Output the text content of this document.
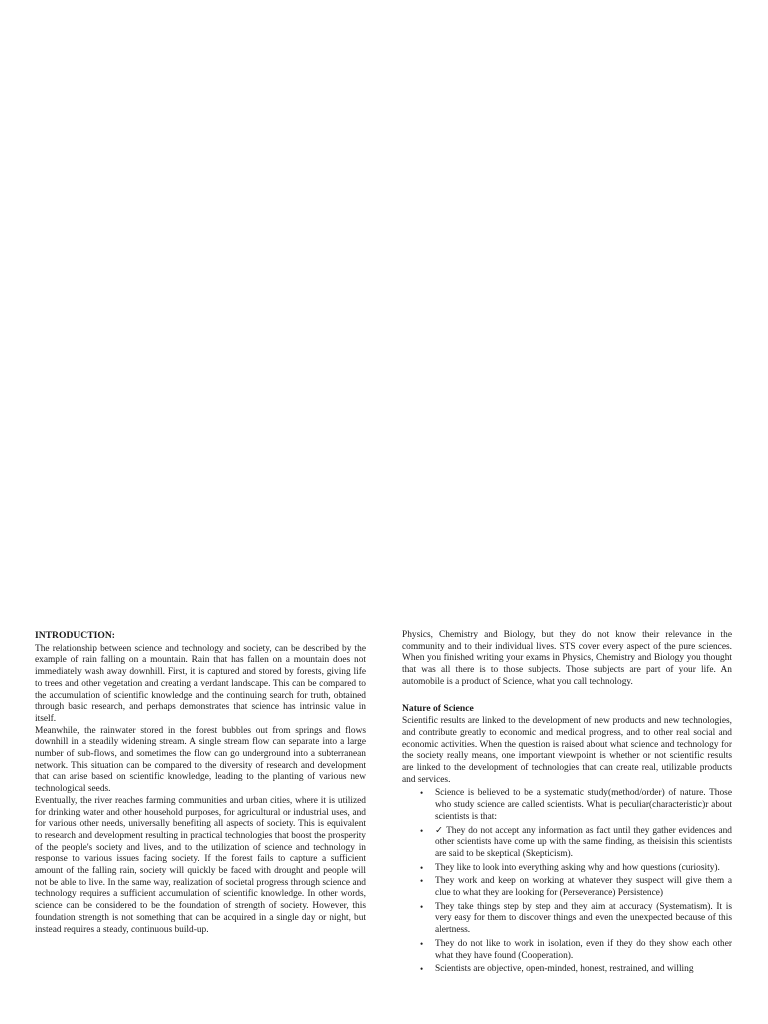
INTRODUCTION:

The relationship between science and technology and society, can be described by the example of rain falling on a mountain. Rain that has fallen on a mountain does not immediately wash away downhill. First, it is captured and stored by forests, giving life to trees and other vegetation and creating a verdant landscape. This can be compared to the accumulation of scientific knowledge and the continuing search for truth, obtained through basic research, and perhaps demonstrates that science has intrinsic value in itself.

Meanwhile, the rainwater stored in the forest bubbles out from springs and flows downhill in a steadily widening stream. A single stream flow can separate into a large number of sub-flows, and sometimes the flow can go underground into a subterranean network. This situation can be compared to the diversity of research and development that can arise based on scientific knowledge, leading to the planting of various new technological seeds.

Eventually, the river reaches farming communities and urban cities, where it is utilized for drinking water and other household purposes, for agricultural or industrial uses, and for various other needs, universally benefiting all aspects of society. This is equivalent to research and development resulting in practical technologies that boost the prosperity of the people's society and lives, and to the utilization of science and technology in response to various issues facing society. If the forest fails to capture a sufficient amount of the falling rain, society will quickly be faced with drought and people will not be able to live. In the same way, realization of societal progress through science and technology requires a sufficient accumulation of scientific knowledge. In other words, science can be considered to be the foundation of strength of society. However, this foundation strength is not something that can be acquired in a single day or night, but instead requires a steady, continuous build-up.

Physics, Chemistry and Biology, but they do not know their relevance in the community and to their individual lives. STS cover every aspect of the pure sciences. When you finished writing your exams in Physics, Chemistry and Biology you thought that was all there is to those subjects. Those subjects are part of your life. An automobile is a product of Science, what you call technology.

Nature of Science

Scientific results are linked to the development of new products and new technologies, and contribute greatly to economic and medical progress, and to other real social and economic activities. When the question is raised about what science and technology for the society really means, one important viewpoint is whether or not scientific results are linked to the development of technologies that can create real, utilizable products and services.

• Science is believed to be a systematic study(method/order) of nature. Those who study science are called scientists. What is peculiar(characteristic)r about scientists is that:
• ✓ They do not accept any information as fact until they gather evidences and other scientists have come up with the same finding, as theisisin this scientists are said to be skeptical (Skepticism).
• They like to look into everything asking why and how questions (curiosity).
• They work and keep on working at whatever they suspect will give them a clue to what they are looking for (Perseverance) Persistence)
• They take things step by step and they aim at accuracy (Systematism). It is very easy for them to discover things and even the unexpected because of this alertness.
• They do not like to work in isolation, even if they do they show each other what they have found (Cooperation).
• Scientists are objective, open-minded, honest, restrained, and willing
